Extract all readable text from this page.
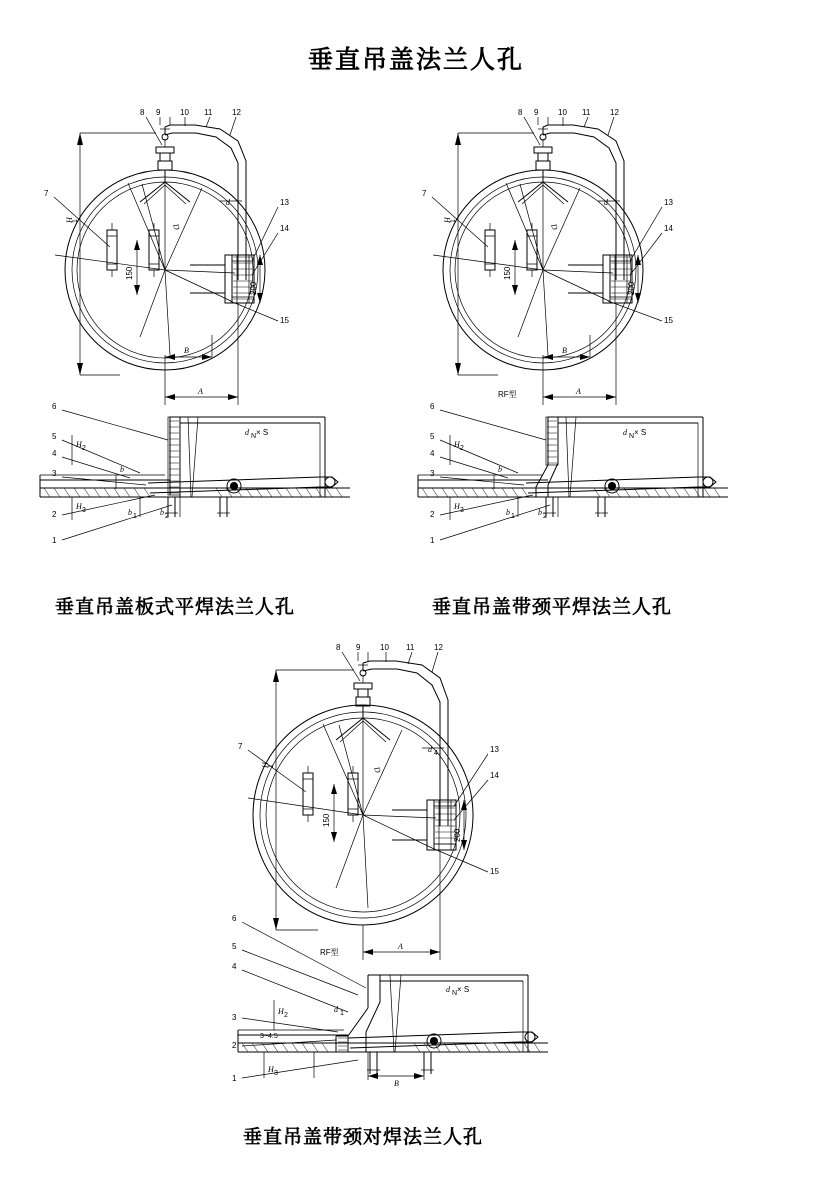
垂直吊盖法兰人孔
7
8 9 10 11 12
13
14
15
H
1
D
150
200
d
B
A
d N × S
6
5
4
3
2
1
H 2
H 3
b
b 1	b 2
垂直吊盖板式平焊法兰人孔
7
8 9 10 11 12
13
14
15
H
1
D
150
200
d
B
A
RF型
d N × S
6
5
4
3
2
1
H 2
H 3
b
b 1	b 2
垂直吊盖带颈平焊法兰人孔
7
8 9 10 11 12
13
14
15
H
1	D
150
200
d 4
A
RF型
d N × S
6
5
4
3
2
1
H 2
H 3
d 1
3~4.5
B
垂直吊盖带颈对焊法兰人孔
